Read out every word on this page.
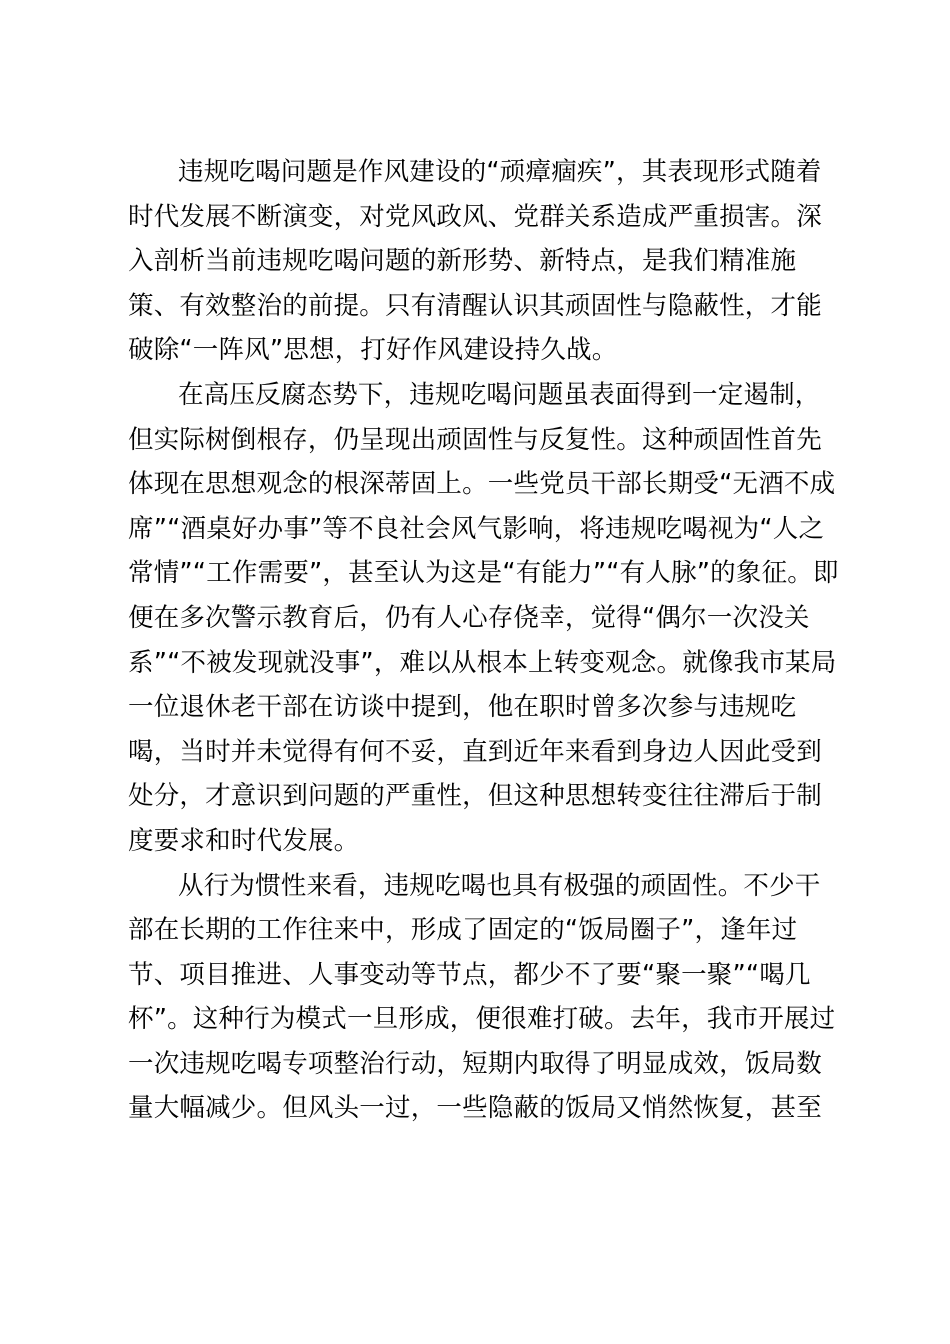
违规吃喝问题是作风建设的“顽瘴痼疾”，其表现形式随着
时代发展不断演变，对党风政风、党群关系造成严重损害。深
入剖析当前违规吃喝问题的新形势、新特点，是我们精准施
策、有效整治的前提。只有清醒认识其顽固性与隐蔽性，才能
破除“一阵风”思想，打好作风建设持久战。
在高压反腐态势下，违规吃喝问题虽表面得到一定遏制，
但实际树倒根存，仍呈现出顽固性与反复性。这种顽固性首先
体现在思想观念的根深蒂固上。一些党员干部长期受“无酒不成
席”“酒桌好办事”等不良社会风气影响，将违规吃喝视为“人之
常情”“工作需要”，甚至认为这是“有能力”“有人脉”的象征。即
便在多次警示教育后，仍有人心存侥幸，觉得“偶尔一次没关
系”“不被发现就没事”，难以从根本上转变观念。就像我市某局
一位退休老干部在访谈中提到，他在职时曾多次参与违规吃
喝，当时并未觉得有何不妥，直到近年来看到身边人因此受到
处分，才意识到问题的严重性，但这种思想转变往往滞后于制
度要求和时代发展。
从行为惯性来看，违规吃喝也具有极强的顽固性。不少干
部在长期的工作往来中，形成了固定的“饭局圈子”，逢年过
节、项目推进、人事变动等节点，都少不了要“聚一聚”“喝几
杯”。这种行为模式一旦形成，便很难打破。去年，我市开展过
一次违规吃喝专项整治行动，短期内取得了明显成效，饭局数
量大幅减少。但风头一过，一些隐蔽的饭局又悄然恢复，甚至
